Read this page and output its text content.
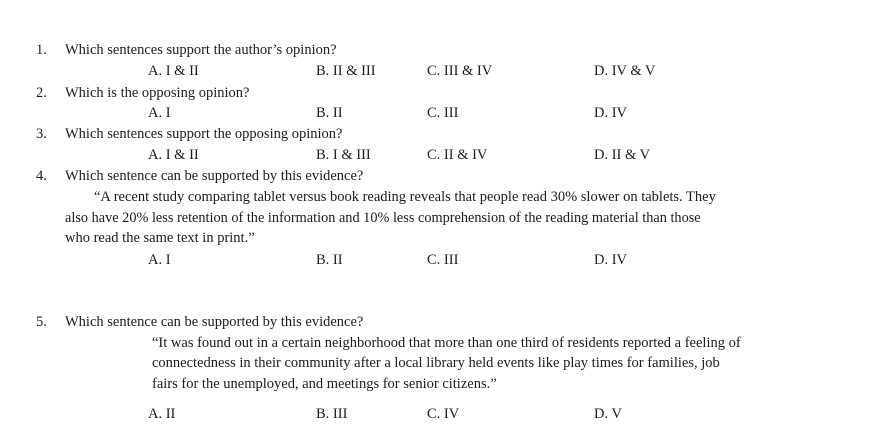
1. Which sentences support the author’s opinion?
A. I & II	B. II & III	C. III & IV	D. IV & V
2. Which is the opposing opinion?
A. I	B. II	C. III	D. IV
3. Which sentences support the opposing opinion?
A. I & II	B. I & III	C. II & IV	D. II & V
4. Which sentence can be supported by this evidence?
“A recent study comparing tablet versus book reading reveals that people read 30% slower on tablets. They
also have 20% less retention of the information and 10% less comprehension of the reading material than those
who read the same text in print.”
A. I	B. II	C. III	D. IV
5. Which sentence can be supported by this evidence?
“It was found out in a certain neighborhood that more than one third of residents reported a feeling of
connectedness in their community after a local library held events like play times for families, job
fairs for the unemployed, and meetings for senior citizens.”
A. II	B. III	C. IV	D. V
